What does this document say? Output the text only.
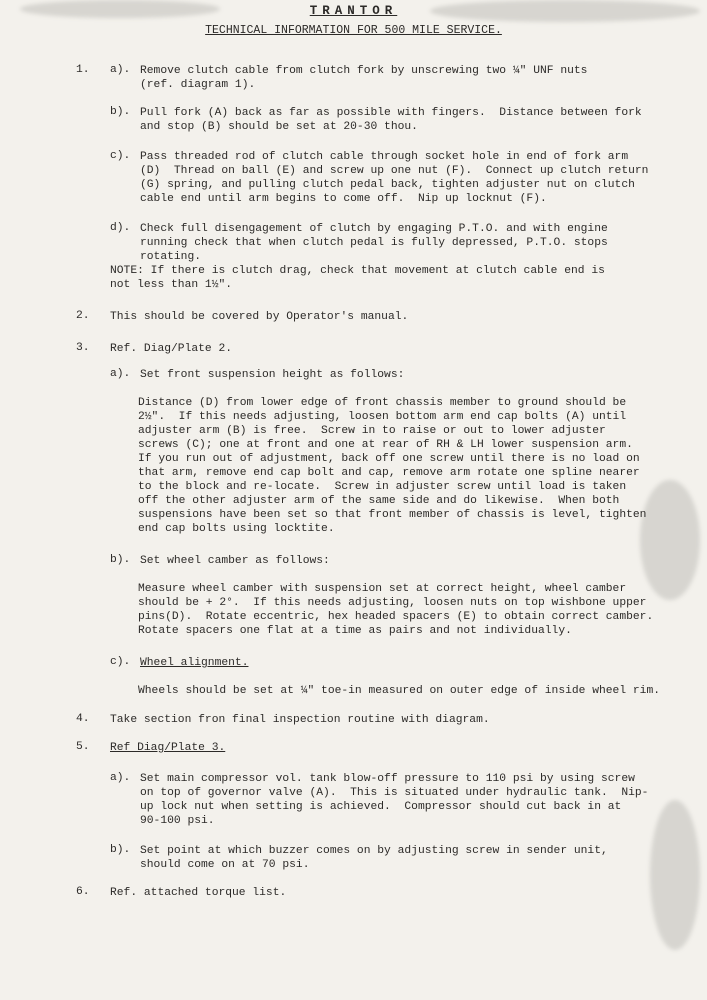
TRANTOR
TECHNICAL INFORMATION FOR 500 MILE SERVICE.
1. a). Remove clutch cable from clutch fork by unscrewing two ¼" UNF nuts
(ref. diagram 1).
b). Pull fork (A) back as far as possible with fingers.  Distance between fork
and stop (B) should be set at 20-30 thou.
c). Pass threaded rod of clutch cable through socket hole in end of fork arm
(D)  Thread on ball (E) and screw up one nut (F).  Connect up clutch return
(G) spring, and pulling clutch pedal back, tighten adjuster nut on clutch
cable end until arm begins to come off.  Nip up locknut (F).
d). Check full disengagement of clutch by engaging P.T.O. and with engine
running check that when clutch pedal is fully depressed, P.T.O. stops
rotating.
NOTE: If there is clutch drag, check that movement at clutch cable end is
not less than 1½".
2. This should be covered by Operator's manual.
3. Ref. Diag/Plate 2.
a). Set front suspension height as follows:
Distance (D) from lower edge of front chassis member to ground should be
2½".  If this needs adjusting, loosen bottom arm end cap bolts (A) until
adjuster arm (B) is free.  Screw in to raise or out to lower adjuster
screws (C); one at front and one at rear of RH & LH lower suspension arm.
If you run out of adjustment, back off one screw until there is no load on
that arm, remove end cap bolt and cap, remove arm rotate one spline nearer
to the block and re-locate.  Screw in adjuster screw until load is taken
off the other adjuster arm of the same side and do likewise.  When both
suspensions have been set so that front member of chassis is level, tighten
end cap bolts using locktite.
b). Set wheel camber as follows:
Measure wheel camber with suspension set at correct height, wheel camber
should be + 2°.  If this needs adjusting, loosen nuts on top wishbone upper
pins(D).  Rotate eccentric, hex headed spacers (E) to obtain correct camber.
Rotate spacers one flat at a time as pairs and not individually.
c). Wheel alignment.
Wheels should be set at ¼" toe-in measured on outer edge of inside wheel rim.
4. Take section fron final inspection routine with diagram.
5. Ref Diag/Plate 3.
a). Set main compressor vol. tank blow-off pressure to 110 psi by using screw
on top of governor valve (A).  This is situated under hydraulic tank.  Nip-
up lock nut when setting is achieved.  Compressor should cut back in at
90-100 psi.
b). Set point at which buzzer comes on by adjusting screw in sender unit,
should come on at 70 psi.
6. Ref. attached torque list.
